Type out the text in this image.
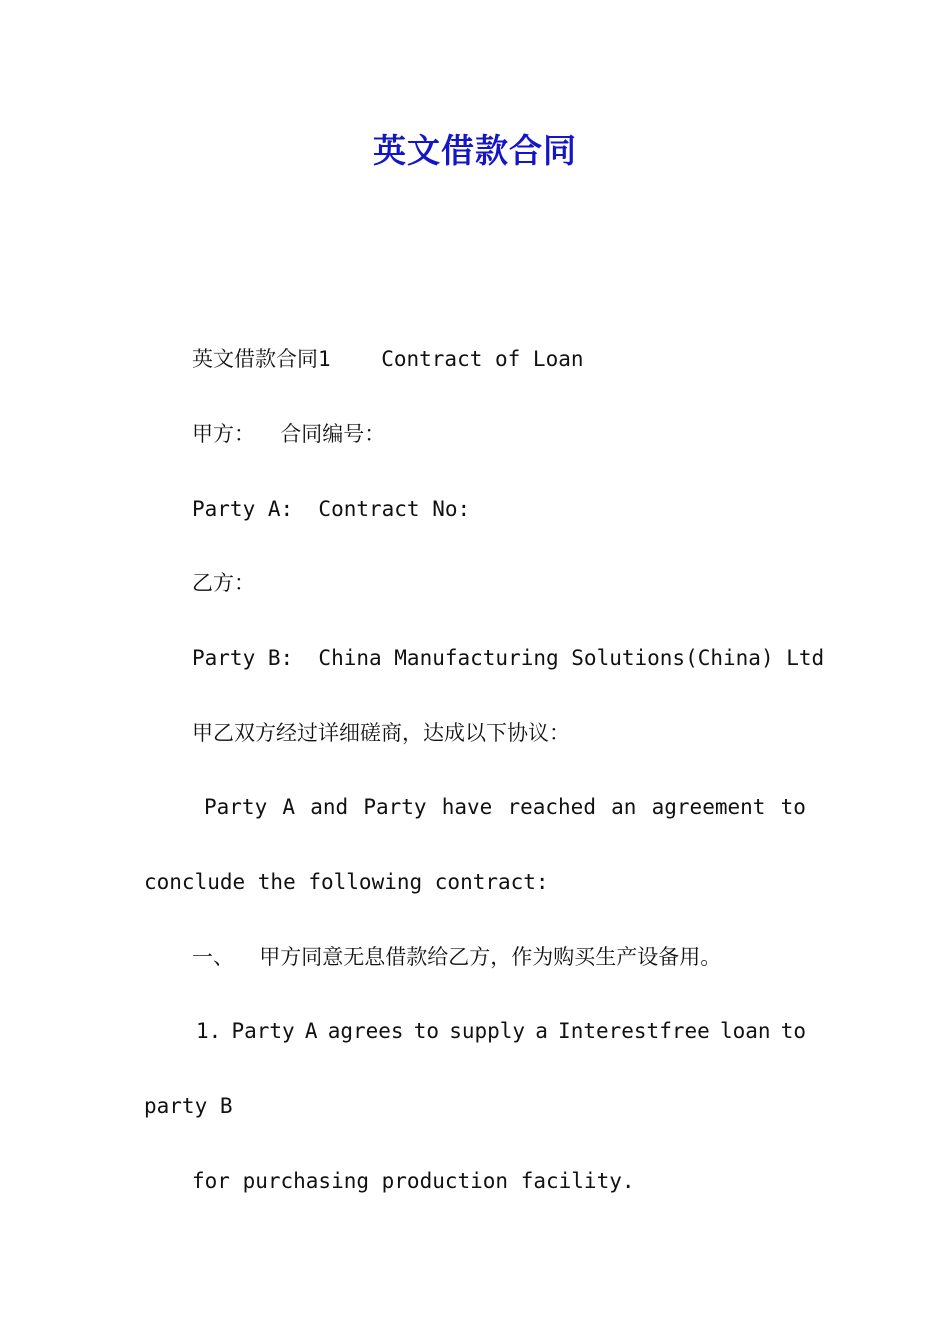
英文借款合同
英文借款合同1    Contract of Loan
甲方：  合同编号：
Party A:  Contract No:
乙方：
Party B:  China Manufacturing Solutions(China) Ltd
甲乙双方经过详细磋商，达成以下协议：
Party A and Party have reached an agreement to
conclude the following contract:
一、  甲方同意无息借款给乙方，作为购买生产设备用。
1. Party A agrees to supply a Interestfree loan to
party B
for purchasing production facility.
